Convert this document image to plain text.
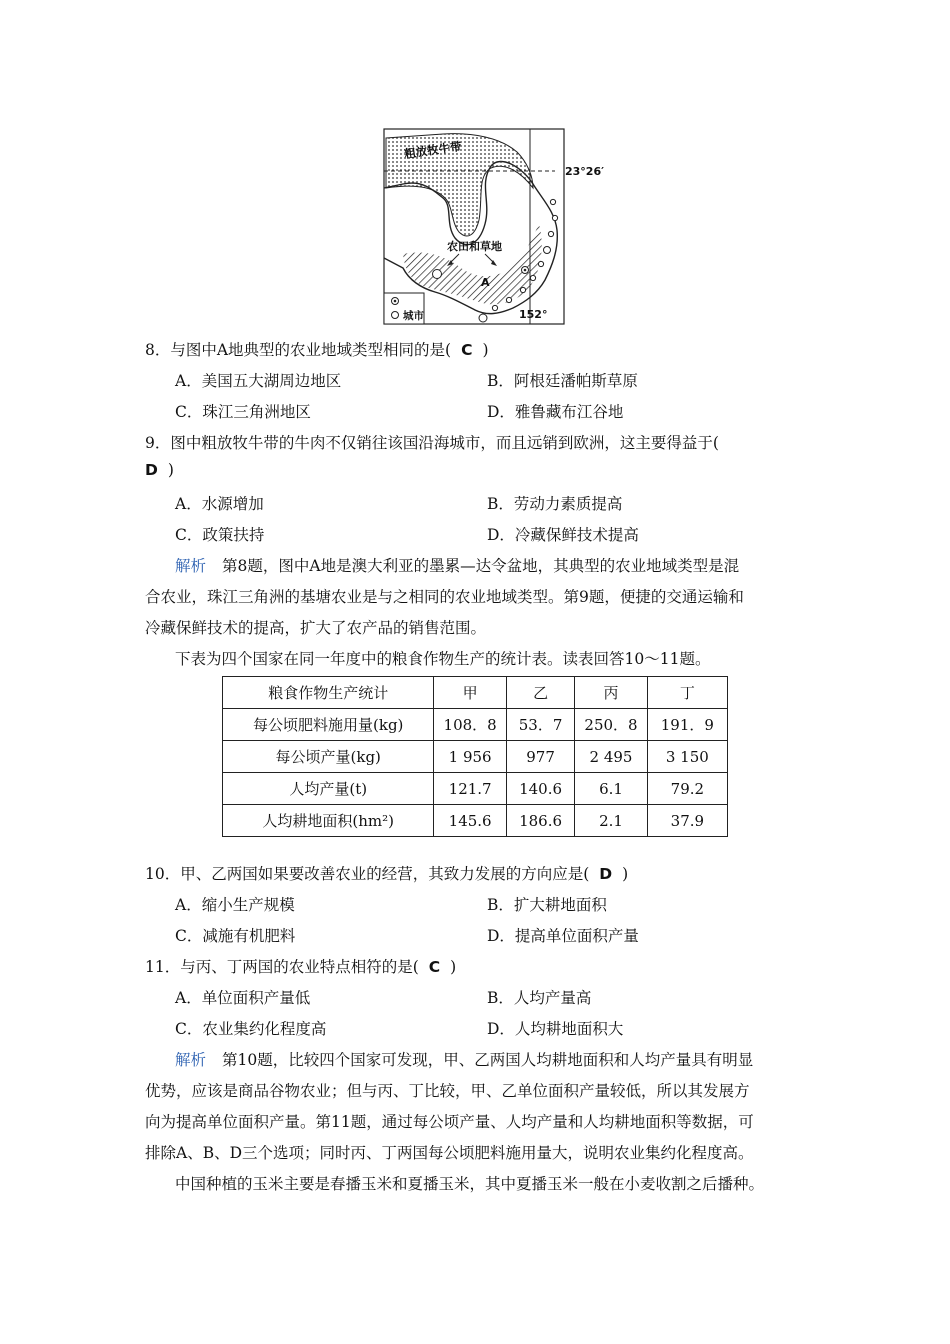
粗放牧牛带
23°26′
农田和草地
A
152°
城市
8．与图中A地典型的农业地域类型相同的是( C )
A．美国五大湖周边地区	B．阿根廷潘帕斯草原
C．珠江三角洲地区	D．雅鲁藏布江谷地
9．图中粗放牧牛带的牛肉不仅销往该国沿海城市，而且远销到欧洲，这主要得益于(
D )
A．水源增加	B．劳动力素质提高
C．政策扶持	D．冷藏保鲜技术提高
解析 第8题，图中A地是澳大利亚的墨累—达令盆地，其典型的农业地域类型是混
合农业，珠江三角洲的基塘农业是与之相同的农业地域类型。第9题，便捷的交通运输和
冷藏保鲜技术的提高，扩大了农产品的销售范围。
下表为四个国家在同一年度中的粮食作物生产的统计表。读表回答10～11题。
粮食作物生产统计	甲	乙	丙	丁
每公顷肥料施用量(kg)	108．8	53．7	250．8	191．9
每公顷产量(kg)	1 956	977	2 495	3 150
人均产量(t)	121.7	140.6	6.1	79.2
人均耕地面积(hm²)	145.6	186.6	2.1	37.9
10．甲、乙两国如果要改善农业的经营，其致力发展的方向应是( D )
A．缩小生产规模	B．扩大耕地面积
C．减施有机肥料	D．提高单位面积产量
11．与丙、丁两国的农业特点相符的是( C )
A．单位面积产量低	B．人均产量高
C．农业集约化程度高	D．人均耕地面积大
解析 第10题，比较四个国家可发现，甲、乙两国人均耕地面积和人均产量具有明显
优势，应该是商品谷物农业；但与丙、丁比较，甲、乙单位面积产量较低，所以其发展方
向为提高单位面积产量。第11题，通过每公顷产量、人均产量和人均耕地面积等数据，可
排除A、B、D三个选项；同时丙、丁两国每公顷肥料施用量大，说明农业集约化程度高。
中国种植的玉米主要是春播玉米和夏播玉米，其中夏播玉米一般在小麦收割之后播种。
